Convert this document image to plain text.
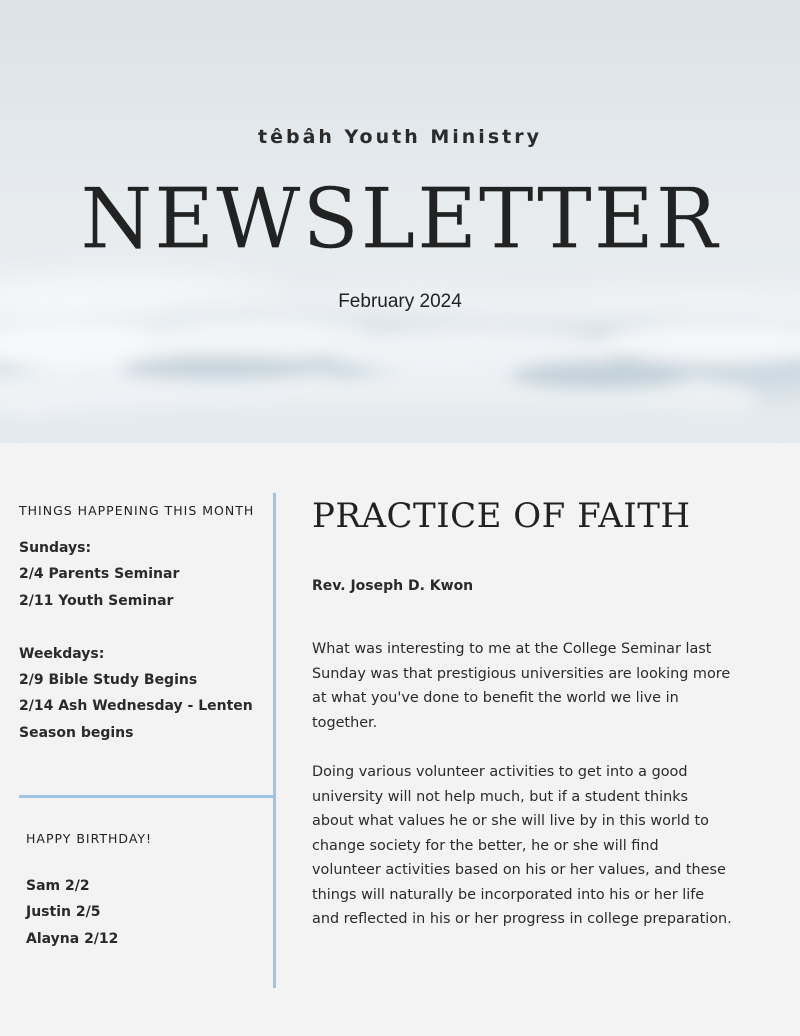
têbâh Youth Ministry
NEWSLETTER
February 2024
THINGS HAPPENING THIS MONTH
Sundays:
2/4 Parents Seminar
2/11 Youth Seminar
Weekdays:
2/9 Bible Study Begins
2/14 Ash Wednesday - Lenten
Season begins
HAPPY BIRTHDAY!
Sam 2/2
Justin 2/5
Alayna 2/12
PRACTICE OF FAITH
Rev. Joseph D. Kwon

What was interesting to me at the College Seminar last Sunday was that prestigious universities are looking more at what you've done to benefit the world we live in together.

Doing various volunteer activities to get into a good university will not help much, but if a student thinks about what values he or she will live by in this world to change society for the better, he or she will find volunteer activities based on his or her values, and these things will naturally be incorporated into his or her life and reflected in his or her progress in college preparation.
